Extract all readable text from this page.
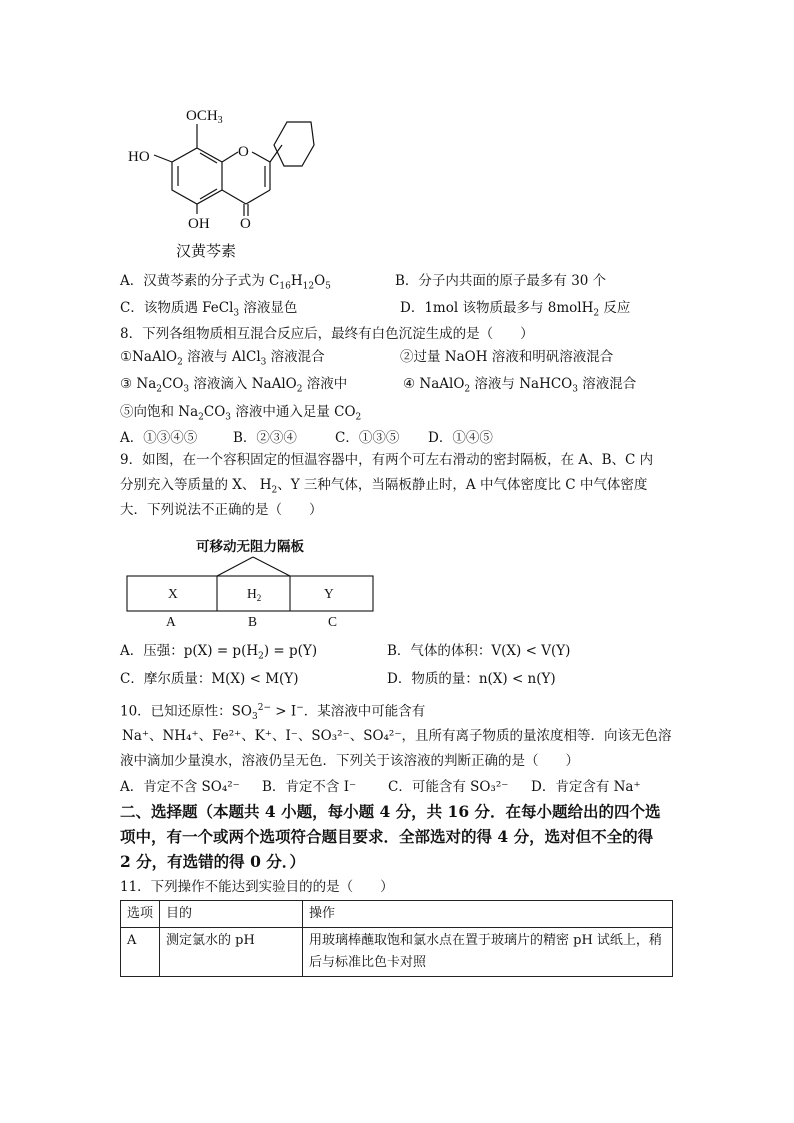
$OCH_3$
O
HO
OH O
汉黄芩素
A．汉黄芩素的分子式为 $C_{16}H_{12}O_5$	B．分子内共面的原子最多有 30 个
C．该物质遇 FeCl$_3$ 溶液显色	D．1mol 该物质最多与 8molH$_2$ 反应
8．下列各组物质相互混合反应后，最终有白色沉淀生成的是（　　）
①NaAlO$_2$ 溶液与 AlCl$_3$ 溶液混合	②过量 NaOH 溶液和明矾溶液混合
③ $Na_2CO_3$ 溶液滴入 NaAlO$_2$ 溶液中	④ NaAlO$_2$ 溶液与 NaHCO$_3$ 溶液混合
⑤向饱和 $Na_2CO_3$ 溶液中通入足量 $CO_2$
A．①③④⑤	B．②③④	C．①③⑤ D．①④⑤
9．如图，在一个容积固定的恒温容器中，有两个可左右滑动的密封隔板，在 A、B、C 内
分别充入等质量的 X、 $H_2$、Y 三种气体，当隔板静止时，A 中气体密度比 C 中气体密度
大．下列说法不正确的是（　　）
可移动无阻力隔板
X	$H_2$	Y
A	B	C
A．压强：$p(X) = p(H_2) = p(Y)$	B．气体的体积：V(X) < V(Y)
C．摩尔质量：M(X) < M(Y)	D．物质的量：n(X) < n(Y)
10．已知还原性：$SO_3^{2-} > I^-$．某溶液中可能含有
Na⁺、NH₄⁺、Fe²⁺、K⁺、I⁻、SO₃²⁻、SO₄²⁻，且所有离子物质的量浓度相等．向该无色溶
液中滴加少量溴水，溶液仍呈无色．下列关于该溶液的判断正确的是（　　）
A．肯定不含 SO₄²⁻ B．肯定不含 I⁻ C．可能含有 SO₃²⁻ D．肯定含有 Na⁺
二、选择题（本题共 4 小题，每小题 4 分，共 16 分．在每小题给出的四个选
项中，有一个或两个选项符合题目要求．全部选对的得 4 分，选对但不全的得
2 分，有选错的得 0 分．）
11．下列操作不能达到实验目的的是（　　）
选项	目的	操作
A	测定氯水的 pH	用玻璃棒蘸取饱和氯水点在置于玻璃片的精密 pH 试纸上，稍后与标准比色卡对照
